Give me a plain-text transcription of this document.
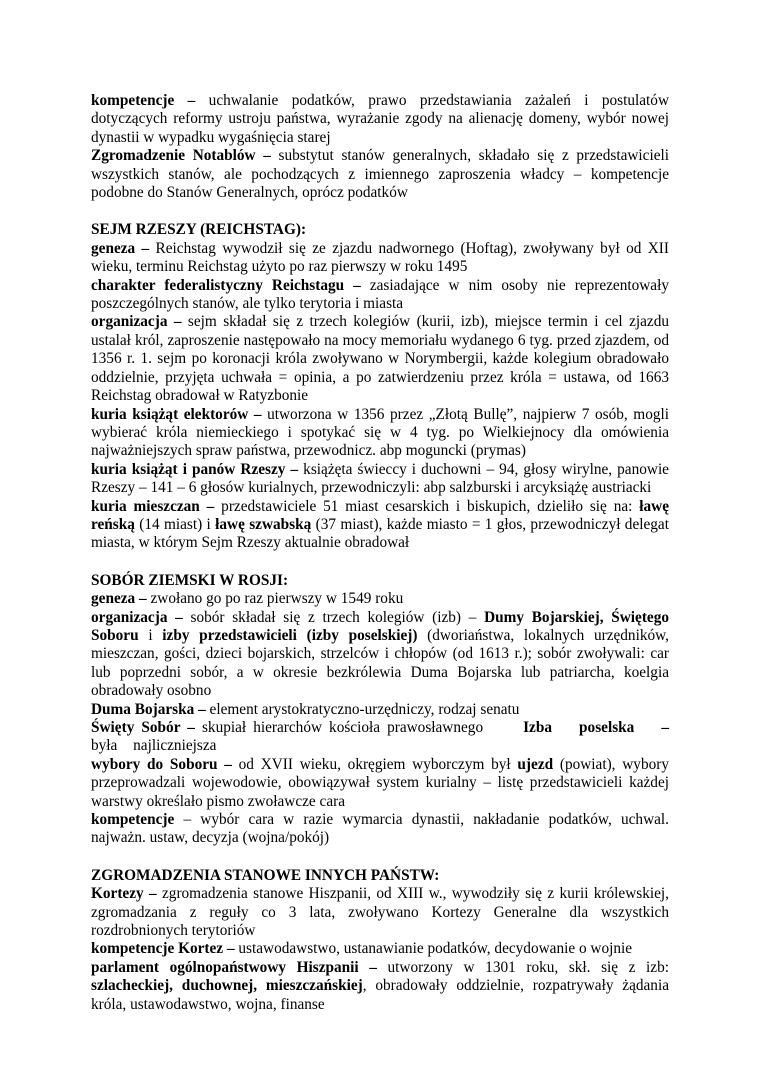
kompetencje – uchwalanie podatków, prawo przedstawiania zażaleń i postulatów dotyczących reformy ustroju państwa, wyrażanie zgody na alienację domeny, wybór nowej dynastii w wypadku wygaśnięcia starej

Zgromadzenie Notablów – substytut stanów generalnych, składało się z przedstawicieli wszystkich stanów, ale pochodzących z imiennego zaproszenia władcy – kompetencje podobne do Stanów Generalnych, oprócz podatków

SEJM RZESZY (REICHSTAG):

geneza – Reichstag wywodził się ze zjazdu nadwornego (Hoftag), zwoływany był od XII wieku, terminu Reichstag użyto po raz pierwszy w roku 1495

charakter federalistyczny Reichstagu – zasiadające w nim osoby nie reprezentowały poszczególnych stanów, ale tylko terytoria i miasta

organizacja – sejm składał się z trzech kolegiów (kurii, izb), miejsce termin i cel zjazdu ustalał król, zaproszenie następowało na mocy memoriału wydanego 6 tyg. przed zjazdem, od 1356 r. 1. sejm po koronacji króla zwoływano w Norymbergii, każde kolegium obradowało oddzielnie, przyjęta uchwała = opinia, a po zatwierdzeniu przez króla = ustawa, od 1663 Reichstag obradował w Ratyzbonie

kuria książąt elektorów – utworzona w 1356 przez „Złotą Bullę”, najpierw 7 osób, mogli wybierać króla niemieckiego i spotykać się w 4 tyg. po Wielkiejnocy dla omówienia najważniejszych spraw państwa, przewodnicz. abp moguncki (prymas)

kuria książąt i panów Rzeszy – książęta świeccy i duchowni – 94, głosy wirylne, panowie Rzeszy – 141 – 6 głosów kurialnych, przewodniczyli: abp salzburski i arcyksiążę austriacki

kuria mieszczan – przedstawiciele 51 miast cesarskich i biskupich, dzieliło się na: ławę reńską (14 miast) i ławę szwabską (37 miast), każde miasto = 1 głos, przewodniczył delegat miasta, w którym Sejm Rzeszy aktualnie obradował

SOBÓR ZIEMSKI W ROSJI:

geneza – zwołano go po raz pierwszy w 1549 roku

organizacja – sobór składał się z trzech kolegiów (izb) – Dumy Bojarskiej, Świętego Soboru i izby przedstawicieli (izby poselskiej) (dworiaństwa, lokalnych urzędników, mieszczan, gości, dzieci bojarskich, strzelców i chłopów (od 1613 r.); sobór zwoływali: car lub poprzedni sobór, a w okresie bezkrólewia Duma Bojarska lub patriarcha, koelgia obradowały osobno

Duma Bojarska – element arystokratyczno-urzędniczy, rodzaj senatu

Święty Sobór – skupiał hierarchów kościoła prawosławnego	Izba poselska – była najliczniejsza

wybory do Soboru – od XVII wieku, okręgiem wyborczym był ujezd (powiat), wybory przeprowadzali wojewodowie, obowiązywał system kurialny – listę przedstawicieli każdej warstwy określało pismo zwoławcze cara

kompetencje – wybór cara w razie wymarcia dynastii, nakładanie podatków, uchwal. najważn. ustaw, decyzja (wojna/pokój)

ZGROMADZENIA STANOWE INNYCH PAŃSTW:

Kortezy – zgromadzenia stanowe Hiszpanii, od XIII w., wywodziły się z kurii królewskiej, zgromadzania z reguły co 3 lata, zwoływano Kortezy Generalne dla wszystkich rozdrobnionych terytoriów

kompetencje Kortez – ustawodawstwo, ustanawianie podatków, decydowanie o wojnie

parlament ogólnopaństwowy Hiszpanii – utworzony w 1301 roku, skł. się z izb: szlacheckiej, duchownej, mieszczańskiej, obradowały oddzielnie, rozpatrywały żądania króla, ustawodawstwo, wojna, finanse
